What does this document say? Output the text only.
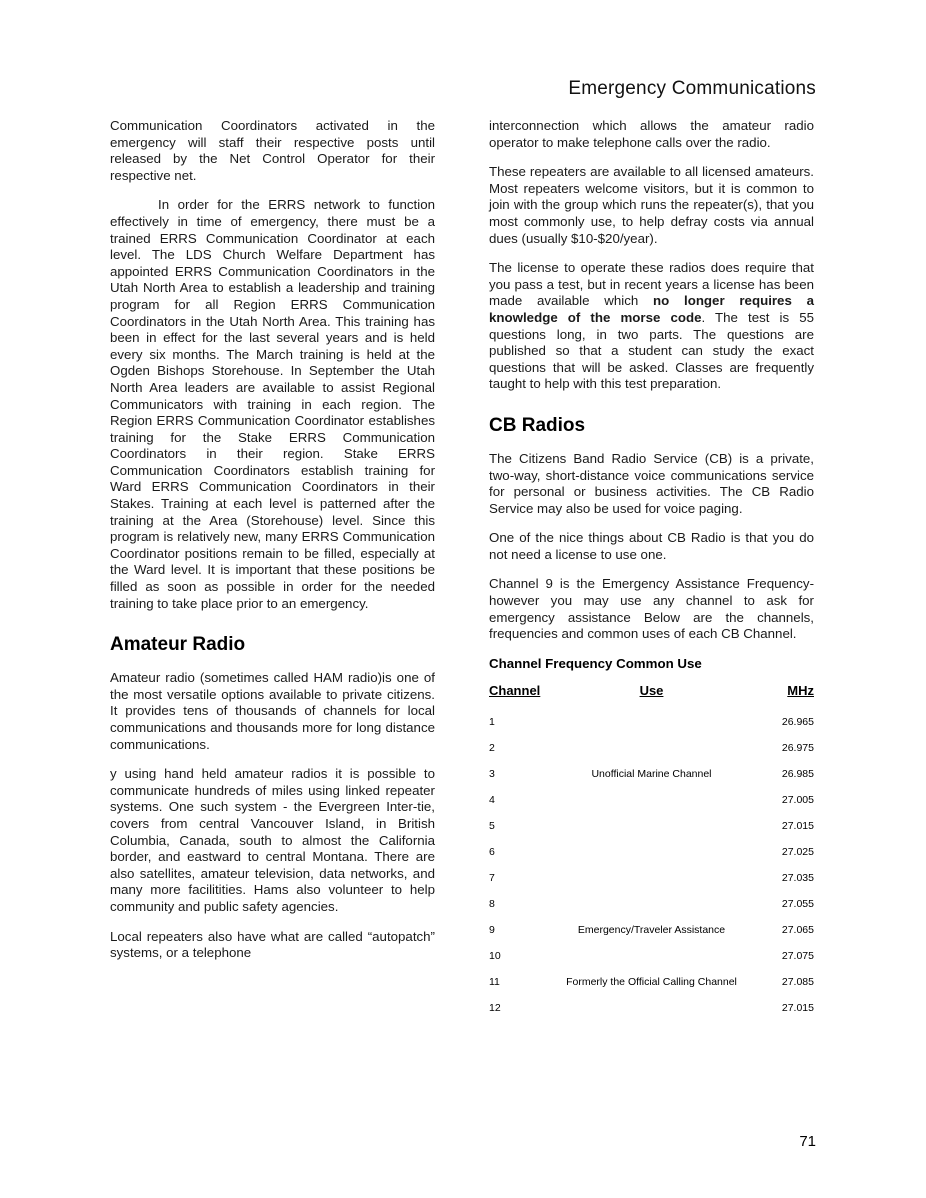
Emergency Communications

Communication Coordinators activated in the emergency will staff their respective posts until released by the Net Control Operator for their respective net.

In order for the ERRS network to function effectively in time of emergency, there must be a trained ERRS Communication Coordinator at each level. The LDS Church Welfare Department has appointed ERRS Communication Coordinators in the Utah North Area to establish a leadership and training program for all Region ERRS Communication Coordinators in the Utah North Area. This training has been in effect for the last several years and is held every six months. The March training is held at the Ogden Bishops Storehouse. In September the Utah North Area leaders are available to assist Regional Communicators with training in each region. The Region ERRS Communication Coordinator establishes training for the Stake ERRS Communication Coordinators in their region. Stake ERRS Communication Coordinators establish training for Ward ERRS Communication Coordinators in their Stakes. Training at each level is patterned after the training at the Area (Storehouse) level. Since this program is relatively new, many ERRS Communication Coordinator positions remain to be filled, especially at the Ward level. It is important that these positions be filled as soon as possible in order for the needed training to take place prior to an emergency.

Amateur Radio

Amateur radio (sometimes called HAM radio)is one of the most versatile options available to private citizens. It provides tens of thousands of channels for local communications and thousands more for long distance communications.

y using hand held amateur radios it is possible to communicate hundreds of miles using linked repeater systems. One such system - the Evergreen Inter-tie, covers from central Vancouver Island, in British Columbia, Canada, south to almost the California border, and eastward to central Montana. There are also satellites, amateur television, data networks, and many more facilitities. Hams also volunteer to help community and public safety agencies.

Local repeaters also have what are called “autopatch” systems, or a telephone

interconnection which allows the amateur radio operator to make telephone calls over the radio.

These repeaters are available to all licensed amateurs. Most repeaters welcome visitors, but it is common to join with the group which runs the repeater(s), that you most commonly use, to help defray costs via annual dues (usually $10-$20/year).

The license to operate these radios does require that you pass a test, but in recent years a license has been made available which no longer requires a knowledge of the morse code. The test is 55 questions long, in two parts. The questions are published so that a student can study the exact questions that will be asked. Classes are frequently taught to help with this test preparation.

CB Radios

The Citizens Band Radio Service (CB) is a private, two-way, short-distance voice communications service for personal or business activities. The CB Radio Service may also be used for voice paging.

One of the nice things about CB Radio is that you do not need a license to use one.

Channel 9 is the Emergency Assistance Frequency- however you may use any channel to ask for emergency assistance Below are the channels, frequencies and common uses of each CB Channel.

Channel Frequency Common Use
Channel	Use	MHz
1		26.965
2		26.975
3	Unofficial Marine Channel	26.985
4		27.005
5		27.015
6		27.025
7		27.035
8		27.055
9	Emergency/Traveler Assistance	27.065
10		27.075
11	Formerly the Official Calling Channel	27.085
12		27.015
71
